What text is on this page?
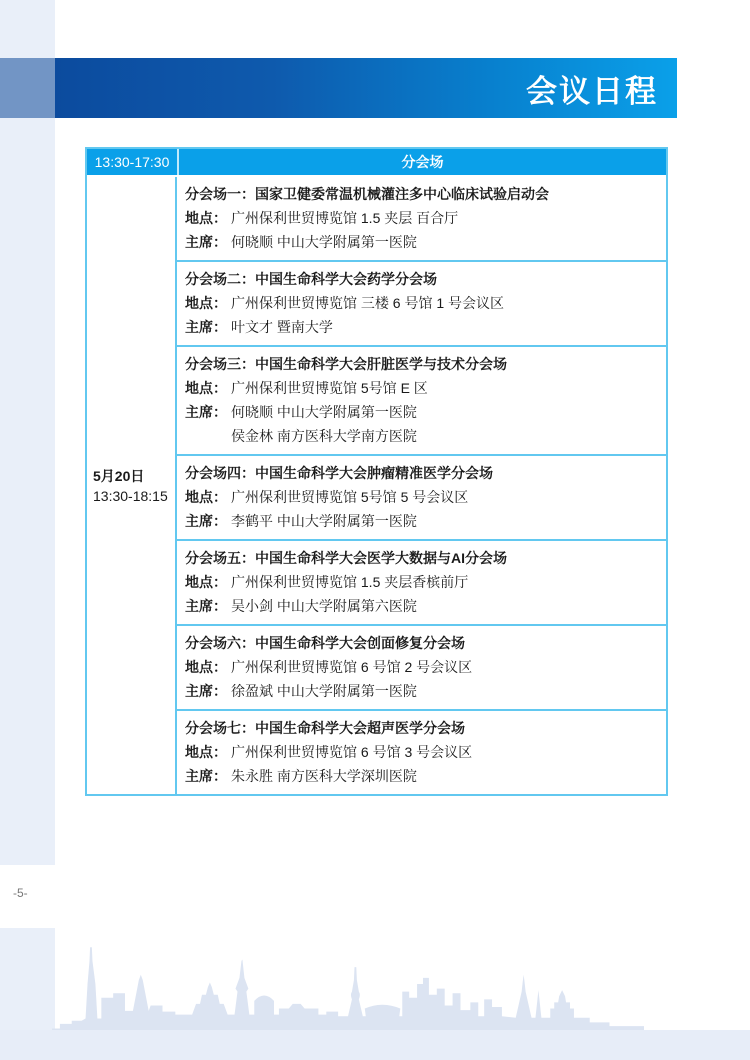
会议日程
13:30-17:30	分会场
5月20日
13:30-18:15
分会场一：国家卫健委常温机械灌注多中心临床试验启动会
地点： 广州保利世贸博览馆 1.5 夹层 百合厅
主席： 何晓顺 中山大学附属第一医院
分会场二：中国生命科学大会药学分会场
地点： 广州保利世贸博览馆 三楼 6 号馆 1 号会议区
主席： 叶文才 暨南大学
分会场三：中国生命科学大会肝脏医学与技术分会场
地点： 广州保利世贸博览馆 5号馆 E 区
主席： 何晓顺 中山大学附属第一医院
侯金林 南方医科大学南方医院
分会场四：中国生命科学大会肿瘤精准医学分会场
地点： 广州保利世贸博览馆 5号馆 5 号会议区
主席： 李鹤平 中山大学附属第一医院
分会场五：中国生命科学大会医学大数据与AI分会场
地点： 广州保利世贸博览馆 1.5 夹层香槟前厅
主席： 吴小剑 中山大学附属第六医院
分会场六：中国生命科学大会创面修复分会场
地点： 广州保利世贸博览馆 6 号馆 2 号会议区
主席： 徐盈斌 中山大学附属第一医院
分会场七：中国生命科学大会超声医学分会场
地点： 广州保利世贸博览馆 6 号馆 3 号会议区
主席： 朱永胜 南方医科大学深圳医院
-5-
